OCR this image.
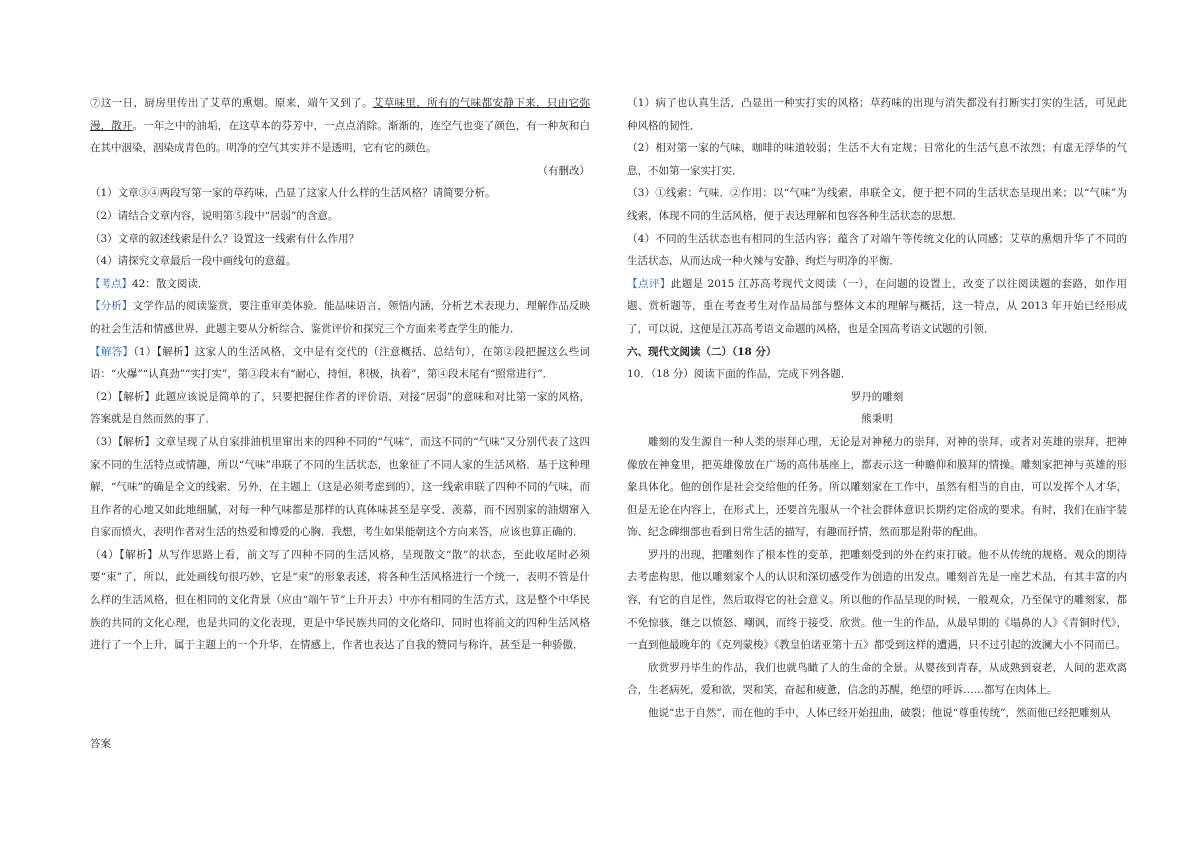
⑦这一日，厨房里传出了艾草的熏烟。原来，端午又到了。艾草味里，所有的气味都安静下来，只由它弥漫，散开。一年之中的油垢，在这草本的芬芳中，一点点消除。渐渐的，连空气也变了颜色，有一种灰和白在其中洇染，洇染成青色的。明净的空气其实并不是透明，它有它的颜色。

（有删改）

（1）文章③④两段写第一家的草药味，凸显了这家人什么样的生活风格？请简要分析。

（2）请结合文章内容，说明第⑤段中“居弱”的含意。

（3）文章的叙述线索是什么？设置这一线索有什么作用？

（4）请探究文章最后一段中画线句的意蕴。

【考点】42：散文阅读．

【分析】文学作品的阅读鉴赏，要注重审美体验．能品味语言，领悟内涵，分析艺术表现力，理解作品反映的社会生活和情感世界．此题主要从分析综合、鉴赏评价和探究三个方面来考查学生的能力．

【解答】（1）【解析】这家人的生活风格，文中是有交代的（注意概括、总结句），在第②段把握这么些词语：“火爆”“认真劲”“实打实”，第③段末有“耐心，持恒，积极，执着”，第④段末尾有“照常进行”．

（2）【解析】此题应该说是简单的了，只要把握住作者的评价语，对接“居弱”的意味和对比第一家的风格，答案就是自然而然的事了．

（3）【解析】文章呈现了从自家排油机里窜出来的四种不同的“气味”，而这不同的“气味”又分别代表了这四家不同的生活特点或情趣，所以“气味”串联了不同的生活状态，也象征了不同人家的生活风格．基于这种理解，“气味”的确是全文的线索．另外，在主题上（这是必须考虑到的），这一线索串联了四种不同的气味，而且作者的心地又如此地细腻，对每一种气味都是那样的认真体味甚至是享受、羡慕，而不因别家的油烟窜入自家而愤火，表明作者对生活的热爱和博爱的心胸．我想，考生如果能朝这个方向来答，应该也算正确的．

（4）【解析】从写作思路上看，前文写了四种不同的生活风格，呈现散文“散”的状态，至此收尾时必须要“束”了，所以，此处画线句很巧妙，它是“束”的形象表述，将各种生活风格进行一个统一，表明不管是什么样的生活风格，但在相同的文化背景（应由“端午节”上升开去）中亦有相同的生活方式，这是整个中华民族的共同的文化心理，也是共同的文化表现，更是中华民族共同的文化烙印，同时也将前文的四种生活风格进行了一个上升，属于主题上的一个升华．在情感上，作者也表达了自我的赞同与称许，甚至是一种骄傲．

答案

（1）病了也认真生活，凸显出一种实打实的风格；草药味的出现与消失都没有打断实打实的生活，可见此种风格的韧性．

（2）相对第一家的气味，咖啡的味道较弱；生活不大有定规；日常化的生活气息不浓烈；有虚无浮华的气息，不如第一家实打实．

（3）①线索：气味．②作用：以“气味”为线索，串联全文，便于把不同的生活状态呈现出来；以“气味”为线索，体现不同的生活风格，便于表达理解和包容各种生活状态的思想．

（4）不同的生活状态也有相同的生活内容；蕴含了对端午等传统文化的认同感；艾草的熏烟升华了不同的生活状态，从而达成一种火辣与安静、绚烂与明净的平衡．

【点评】此题是 2015 江苏高考现代文阅读（一），在问题的设置上，改变了以往阅读题的套路，如作用题、赏析题等，重在考查考生对作品局部与整体文本的理解与概括，这一特点，从 2013 年开始已经形成了，可以说，这便是江苏高考语文命题的风格，也是全国高考语文试题的引领．

六、现代文阅读（二）（18 分）

10．（18 分）阅读下面的作品，完成下列各题．

罗丹的雕刻

熊秉明

雕刻的发生源自一种人类的崇拜心理，无论是对神秘力的崇拜，对神的崇拜，或者对英雄的崇拜，把神像放在神龛里，把英雄像放在广场的高伟基座上，都表示这一种瞻仰和膜拜的情操。雕刻家把神与英雄的形象具体化。他的创作是社会交给他的任务。所以雕刻家在工作中，虽然有相当的自由，可以发挥个人才华，但是无论在内容上，在形式上，还要首先服从一个社会群体意识长期约定俗成的要求。有时，我们在庙宇装饰、纪念碑细部也看到日常生活的描写，有趣而抒情，然而那是附带的配曲。

罗丹的出现，把雕刻作了根本性的变革，把雕刻受到的外在约束打破。他不从传统的规格、观众的期待去考虑构思，他以雕刻家个人的认识和深切感受作为创造的出发点。雕刻首先是一座艺术品，有其丰富的内容，有它的自足性，然后取得它的社会意义。所以他的作品呈现的时候，一般观众，乃至保守的雕刻家，都不免惊骇，继之以愤怒、嘲讽，而终于接受、欣赏。他一生的作品，从最早期的《塌鼻的人》《青铜时代》，一直到他最晚年的《克列蒙梭》《教皇伯诺亚第十五》都受到这样的遭遇，只不过引起的波澜大小不同而已。

欣赏罗丹毕生的作品，我们也就鸟瞰了人的生命的全景。从婴孩到青春，从成熟到衰老，人间的悲欢离合，生老病死，爱和欲，哭和笑，奋起和疲惫，信念的苏醒，绝望的呼诉……都写在肉体上。

他说“忠于自然”，而在他的手中，人体已经开始扭曲，破裂；他说“尊重传统”，然而他已经把雕刻从
